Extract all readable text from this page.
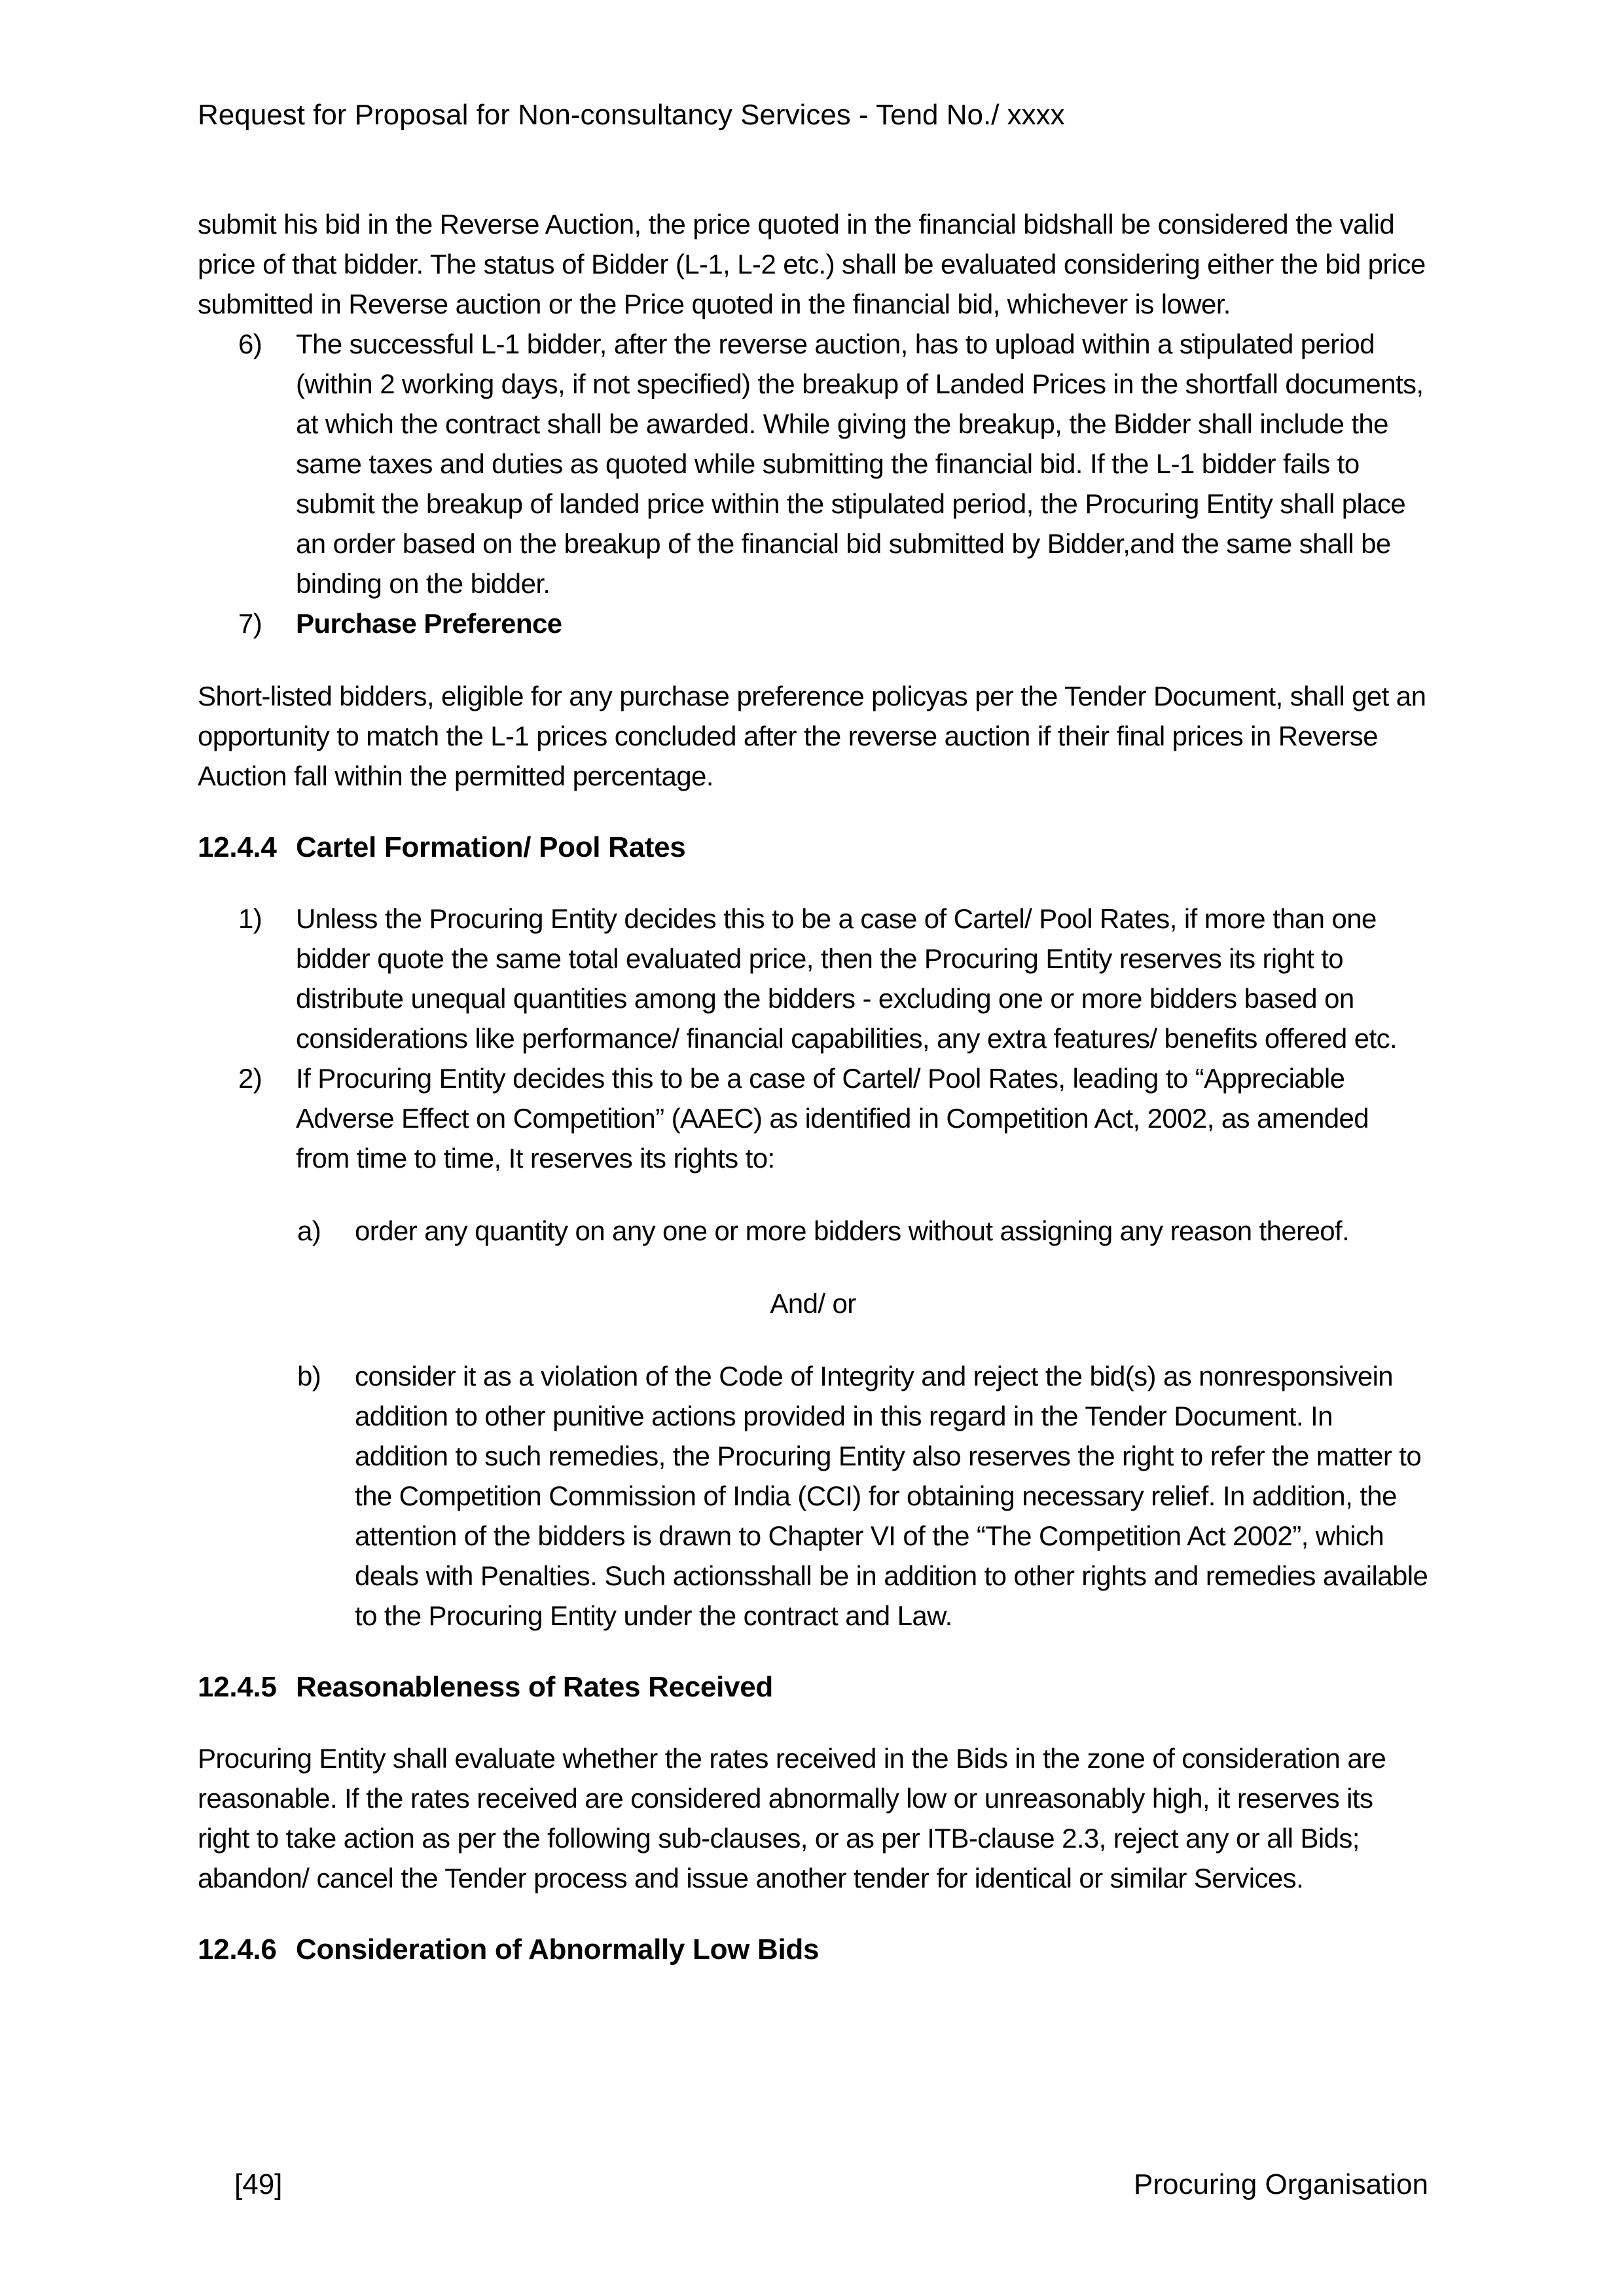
Request for Proposal for Non-consultancy Services - Tend No./ xxxx

submit his bid in the Reverse Auction, the price quoted in the financial bidshall be considered the valid price of that bidder. The status of Bidder (L-1, L-2 etc.) shall be evaluated considering either the bid price submitted in Reverse auction or the Price quoted in the financial bid, whichever is lower.

6) The successful L-1 bidder, after the reverse auction, has to upload within a stipulated period (within 2 working days, if not specified) the breakup of Landed Prices in the shortfall documents, at which the contract shall be awarded. While giving the breakup, the Bidder shall include the same taxes and duties as quoted while submitting the financial bid. If the L-1 bidder fails to submit the breakup of landed price within the stipulated period, the Procuring Entity shall place an order based on the breakup of the financial bid submitted by Bidder,and the same shall be binding on the bidder.
7) Purchase Preference

Short-listed bidders, eligible for any purchase preference policyas per the Tender Document, shall get an opportunity to match the L-1 prices concluded after the reverse auction if their final prices in Reverse Auction fall within the permitted percentage.

12.4.4 Cartel Formation/ Pool Rates
1) Unless the Procuring Entity decides this to be a case of Cartel/ Pool Rates, if more than one bidder quote the same total evaluated price, then the Procuring Entity reserves its right to distribute unequal quantities among the bidders - excluding one or more bidders based on considerations like performance/ financial capabilities, any extra features/ benefits offered etc.
2) If Procuring Entity decides this to be a case of Cartel/ Pool Rates, leading to “Appreciable Adverse Effect on Competition” (AAEC) as identified in Competition Act, 2002, as amended from time to time, It reserves its rights to:
a) order any quantity on any one or more bidders without assigning any reason thereof.

And/ or

b) consider it as a violation of the Code of Integrity and reject the bid(s) as nonresponsivein addition to other punitive actions provided in this regard in the Tender Document. In addition to such remedies, the Procuring Entity also reserves the right to refer the matter to the Competition Commission of India (CCI) for obtaining necessary relief. In addition, the attention of the bidders is drawn to Chapter VI of the “The Competition Act 2002”, which deals with Penalties. Such actionsshall be in addition to other rights and remedies available to the Procuring Entity under the contract and Law.
12.4.5 Reasonableness of Rates Received

Procuring Entity shall evaluate whether the rates received in the Bids in the zone of consideration are reasonable. If the rates received are considered abnormally low or unreasonably high, it reserves its right to take action as per the following sub-clauses, or as per ITB-clause 2.3, reject any or all Bids; abandon/ cancel the Tender process and issue another tender for identical or similar Services.

12.4.6 Consideration of Abnormally Low Bids
[49]	Procuring Organisation
